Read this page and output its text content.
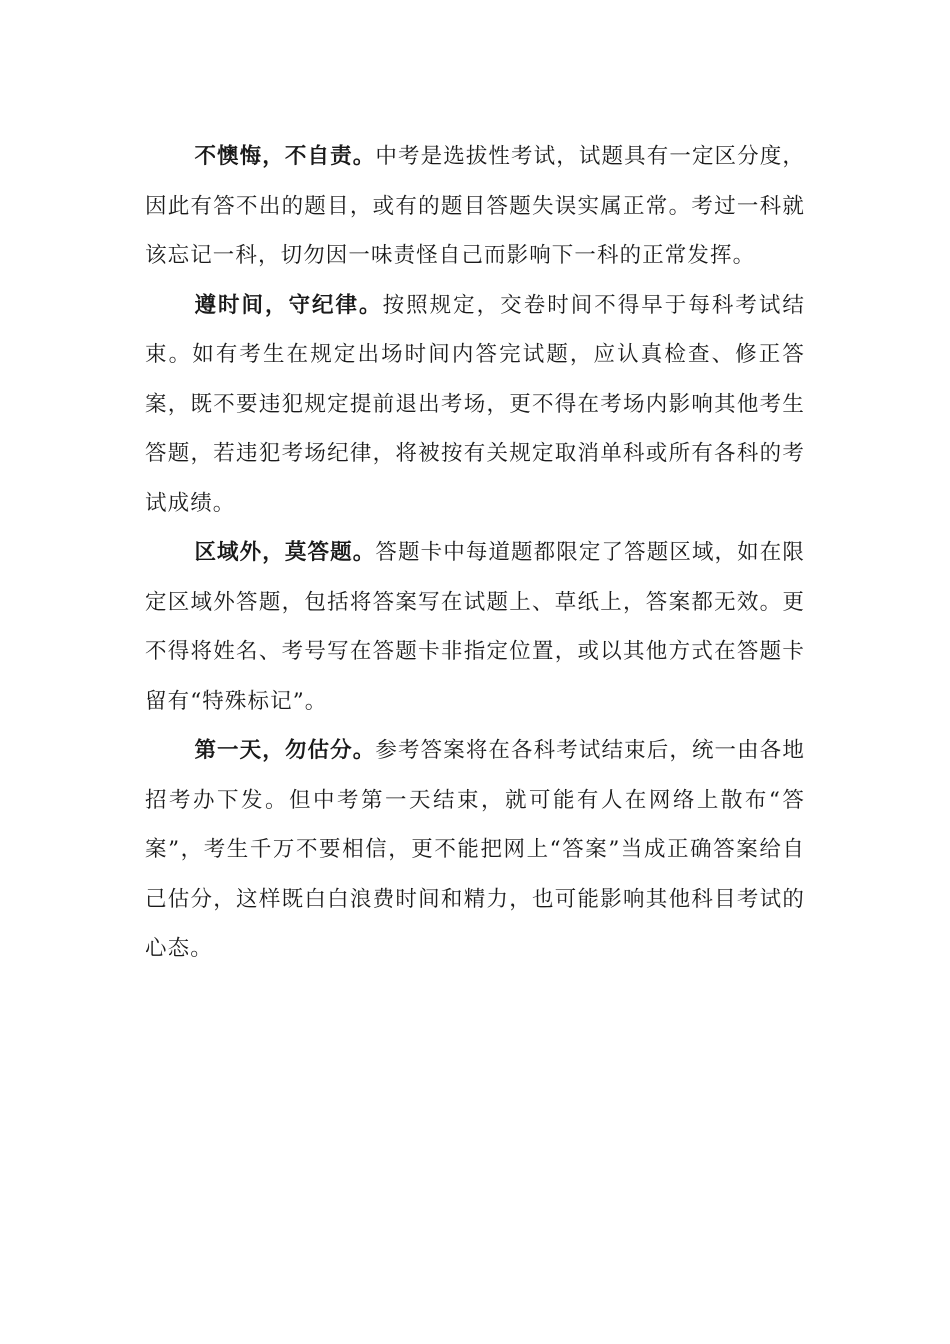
不懊悔，不自责。中考是选拔性考试，试题具有一定区分度，因此有答不出的题目，或有的题目答题失误实属正常。考过一科就该忘记一科，切勿因一味责怪自己而影响下一科的正常发挥。

遵时间，守纪律。按照规定，交卷时间不得早于每科考试结束。如有考生在规定出场时间内答完试题，应认真检查、修正答案，既不要违犯规定提前退出考场，更不得在考场内影响其他考生答题，若违犯考场纪律，将被按有关规定取消单科或所有各科的考试成绩。

区域外，莫答题。答题卡中每道题都限定了答题区域，如在限定区域外答题，包括将答案写在试题上、草纸上，答案都无效。更不得将姓名、考号写在答题卡非指定位置，或以其他方式在答题卡留有“特殊标记”。

第一天，勿估分。参考答案将在各科考试结束后，统一由各地招考办下发。但中考第一天结束，就可能有人在网络上散布“答案”，考生千万不要相信，更不能把网上“答案”当成正确答案给自己估分，这样既白白浪费时间和精力，也可能影响其他科目考试的心态。
